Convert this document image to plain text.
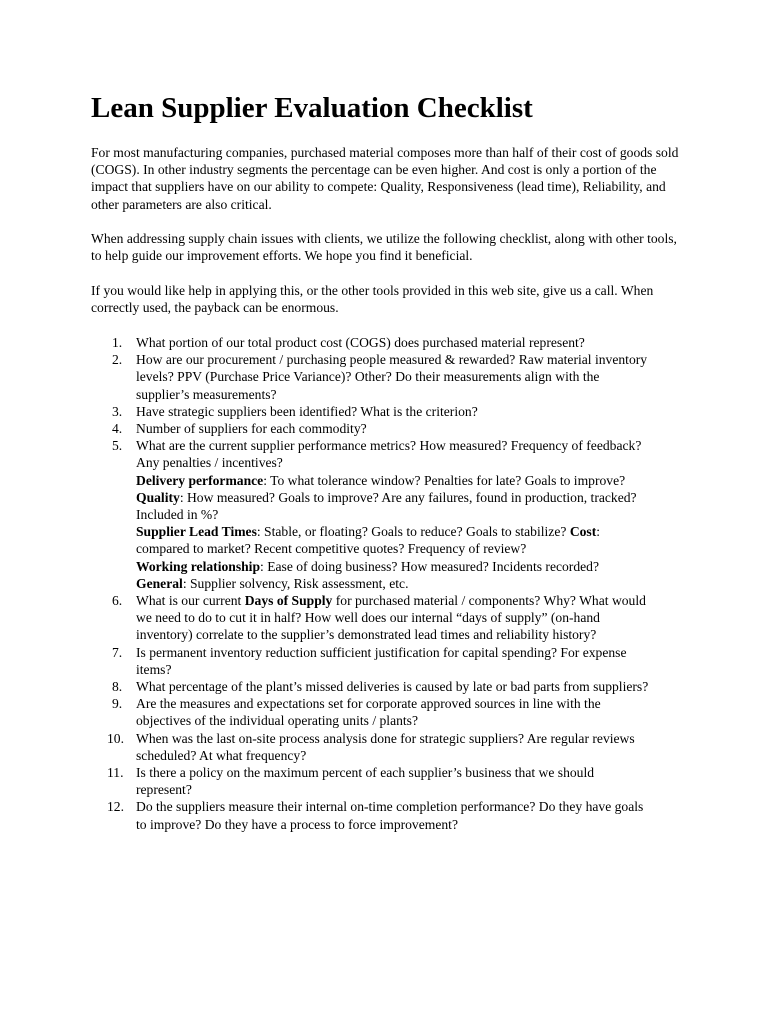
Lean Supplier Evaluation Checklist

For most manufacturing companies, purchased material composes more than half of their cost of goods sold (COGS). In other industry segments the percentage can be even higher. And cost is only a portion of the impact that suppliers have on our ability to compete: Quality, Responsiveness (lead time), Reliability, and other parameters are also critical.

When addressing supply chain issues with clients, we utilize the following checklist, along with other tools, to help guide our improvement efforts. We hope you find it beneficial.

If you would like help in applying this, or the other tools provided in this web site, give us a call. When correctly used, the payback can be enormous.

1. What portion of our total product cost (COGS) does purchased material represent?
2. How are our procurement / purchasing people measured & rewarded? Raw material inventory levels? PPV (Purchase Price Variance)? Other? Do their measurements align with the supplier’s measurements?
3. Have strategic suppliers been identified? What is the criterion?
4. Number of suppliers for each commodity?
5. What are the current supplier performance metrics? How measured? Frequency of feedback? Any penalties / incentives?
Delivery performance: To what tolerance window? Penalties for late? Goals to improve?
Quality: How measured? Goals to improve? Are any failures, found in production, tracked? Included in %?
Supplier Lead Times: Stable, or floating? Goals to reduce? Goals to stabilize? Cost: compared to market? Recent competitive quotes? Frequency of review?
Working relationship: Ease of doing business? How measured? Incidents recorded?
General: Supplier solvency, Risk assessment, etc.
6. What is our current Days of Supply for purchased material / components? Why? What would we need to do to cut it in half? How well does our internal “days of supply” (on-hand inventory) correlate to the supplier’s demonstrated lead times and reliability history?
7. Is permanent inventory reduction sufficient justification for capital spending? For expense items?
8. What percentage of the plant’s missed deliveries is caused by late or bad parts from suppliers?
9. Are the measures and expectations set for corporate approved sources in line with the objectives of the individual operating units / plants?
10. When was the last on-site process analysis done for strategic suppliers? Are regular reviews scheduled? At what frequency?
11. Is there a policy on the maximum percent of each supplier’s business that we should represent?
12. Do the suppliers measure their internal on-time completion performance? Do they have goals to improve? Do they have a process to force improvement?
